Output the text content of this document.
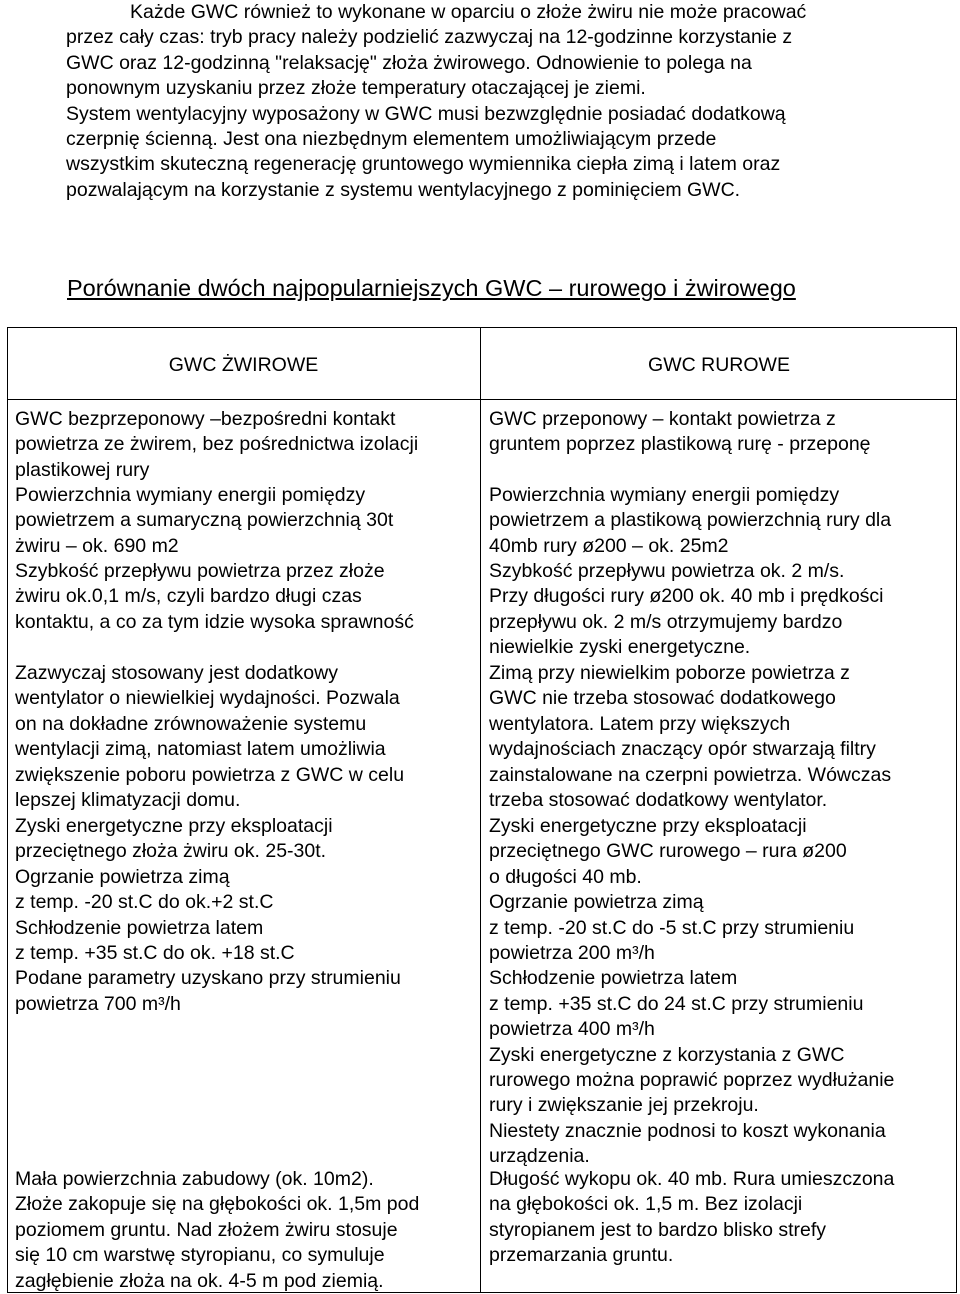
Każde GWC również to wykonane w oparciu o złoże żwiru nie może pracować
przez cały czas: tryb pracy należy podzielić zazwyczaj na 12-godzinne korzystanie z
GWC oraz 12-godzinną "relaksację" złoża żwirowego. Odnowienie to polega na
ponownym uzyskaniu przez złoże temperatury otaczającej je ziemi.
System wentylacyjny wyposażony w GWC musi bezwzględnie posiadać dodatkową
czerpnię ścienną. Jest ona niezbędnym elementem umożliwiającym przede
wszystkim skuteczną regenerację gruntowego wymiennika ciepła zimą i latem oraz
pozwalającym na korzystanie z systemu wentylacyjnego z pominięciem GWC.
Porównanie dwóch najpopularniejszych GWC – rurowego i żwirowego
GWC ŻWIROWE	GWC RUROWE
GWC bezprzeponowy –bezpośredni kontakt
powietrza ze żwirem, bez pośrednictwa izolacji
plastikowej rury
Powierzchnia wymiany energii pomiędzy
powietrzem a sumaryczną powierzchnią 30t
żwiru – ok. 690 m2
Szybkość przepływu powietrza przez złoże
żwiru ok.0,1 m/s, czyli bardzo długi czas
kontaktu, a co za tym idzie wysoka sprawność
Zazwyczaj stosowany jest dodatkowy
wentylator o niewielkiej wydajności. Pozwala
on na dokładne zrównoważenie systemu
wentylacji zimą, natomiast latem umożliwia
zwiększenie poboru powietrza z GWC w celu
lepszej klimatyzacji domu.
Zyski energetyczne przy eksploatacji
przeciętnego złoża żwiru ok. 25-30t.
Ogrzanie powietrza zimą
z temp. -20 st.C do ok.+2 st.C
Schłodzenie powietrza latem
z temp. +35 st.C do ok. +18 st.C
Podane parametry uzyskano przy strumieniu
powietrza 700 m³/h
Mała powierzchnia zabudowy (ok. 10m2).
Złoże zakopuje się na głębokości ok. 1,5m pod
poziomem gruntu. Nad złożem żwiru stosuje
się 10 cm warstwę styropianu, co symuluje
zagłębienie złoża na ok. 4-5 m pod ziemią.
GWC przeponowy – kontakt powietrza z
gruntem poprzez plastikową rurę - przeponę
Powierzchnia wymiany energii pomiędzy
powietrzem a plastikową powierzchnią rury dla
40mb rury ø200 – ok. 25m2
Szybkość przepływu powietrza ok. 2 m/s.
Przy długości rury ø200 ok. 40 mb i prędkości
przepływu ok. 2 m/s otrzymujemy bardzo
niewielkie zyski energetyczne.
Zimą przy niewielkim poborze powietrza z
GWC nie trzeba stosować dodatkowego
wentylatora. Latem przy większych
wydajnościach znaczący opór stwarzają filtry
zainstalowane na czerpni powietrza. Wówczas
trzeba stosować dodatkowy wentylator.
Zyski energetyczne przy eksploatacji
przeciętnego GWC rurowego – rura ø200
o długości 40 mb.
Ogrzanie powietrza zimą
z temp. -20 st.C do -5 st.C przy strumieniu
powietrza 200 m³/h
Schłodzenie powietrza latem
z temp. +35 st.C do 24 st.C przy strumieniu
powietrza 400 m³/h
Zyski energetyczne z korzystania z GWC
rurowego można poprawić poprzez wydłużanie
rury i zwiększanie jej przekroju.
Niestety znacznie podnosi to koszt wykonania
urządzenia.
Długość wykopu ok. 40 mb. Rura umieszczona
na głębokości ok. 1,5 m. Bez izolacji
styropianem jest to bardzo blisko strefy
przemarzania gruntu.
